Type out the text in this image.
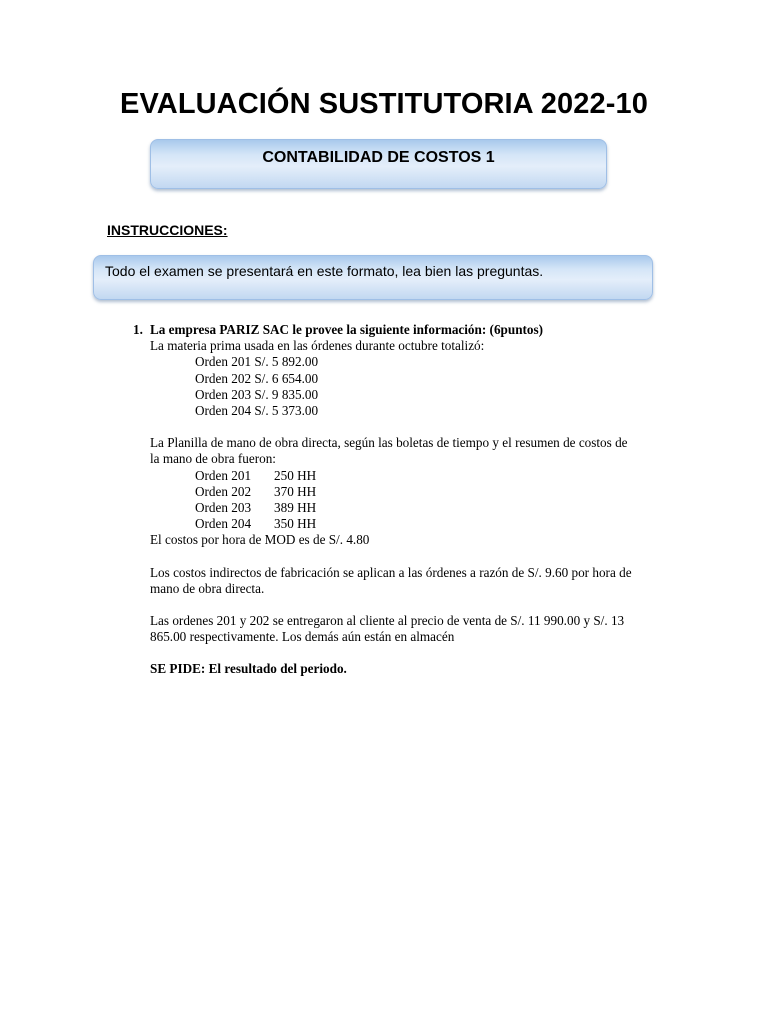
EVALUACIÓN SUSTITUTORIA 2022-10
CONTABILIDAD DE COSTOS 1
INSTRUCCIONES:
Todo el examen se presentará en este formato, lea bien las preguntas.
1. La empresa PARIZ SAC le provee la siguiente información: (6puntos)
La materia prima usada en las órdenes durante octubre totalizó:
Orden 201 S/. 5 892.00
Orden 202 S/. 6 654.00
Orden 203 S/. 9 835.00
Orden 204 S/. 5 373.00
La Planilla de mano de obra directa, según las boletas de tiempo y el resumen de costos de
la mano de obra fueron:
Orden 201	250 HH
Orden 202	370 HH
Orden 203	389 HH
Orden 204	350 HH
El costos por hora de MOD es de S/. 4.80
Los costos indirectos de fabricación se aplican a las órdenes a razón de S/. 9.60 por hora de
mano de obra directa.
Las ordenes 201 y 202 se entregaron al cliente al precio de venta de S/. 11 990.00 y S/. 13
865.00 respectivamente. Los demás aún están en almacén
SE PIDE: El resultado del periodo.
